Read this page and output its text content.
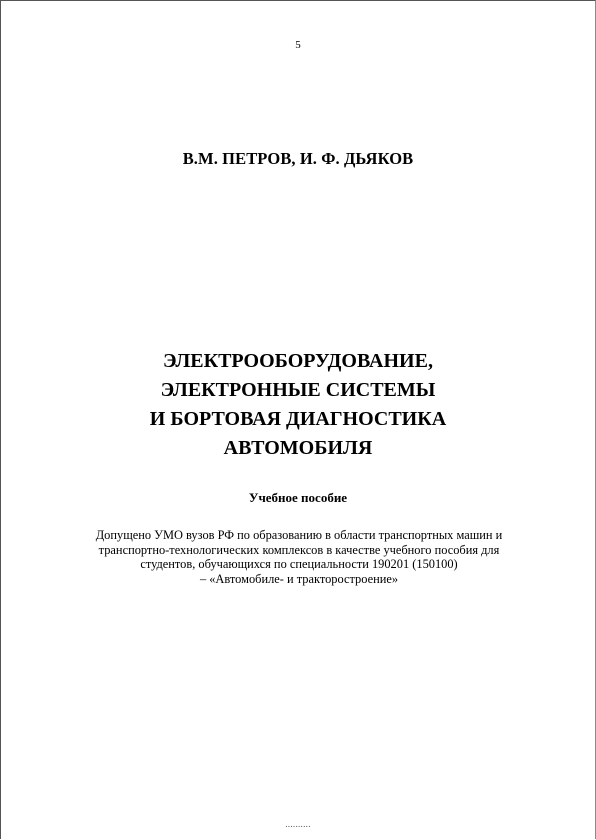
5
В.М. ПЕТРОВ, И. Ф. ДЬЯКОВ
ЭЛЕКТРООБОРУДОВАНИЕ,
ЭЛЕКТРОННЫЕ СИСТЕМЫ
И БОРТОВАЯ ДИАГНОСТИКА
АВТОМОБИЛЯ
Учебное пособие
Допущено УМО вузов РФ по образованию в области транспортных машин и
транспортно-технологических комплексов в качестве учебного пособия для
студентов, обучающихся по специальности 190201 (150100)
– «Автомобиле- и тракторостроение»
..........
